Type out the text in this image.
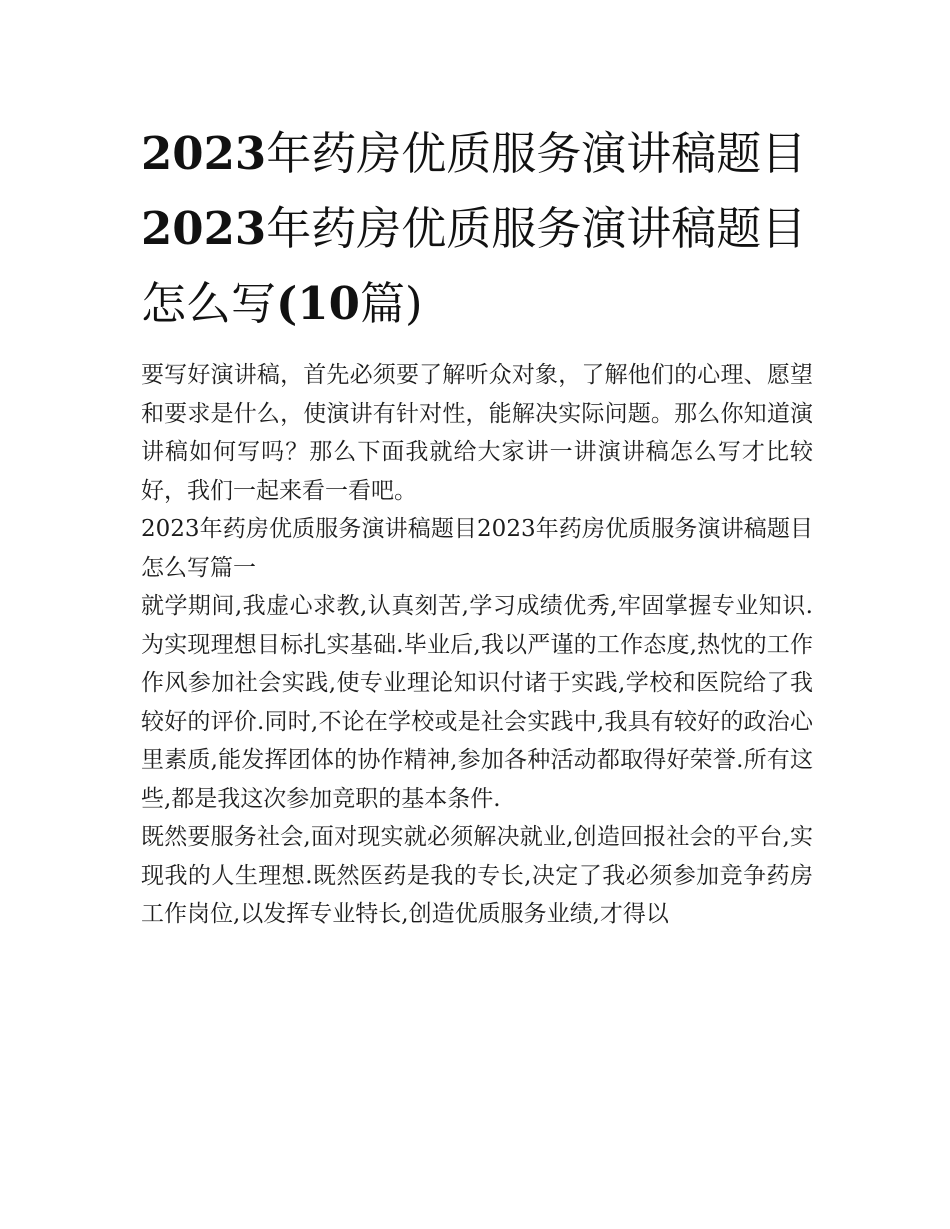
2023年药房优质服务演讲稿题目2023年药房优质服务演讲稿题目怎么写(10篇)

要写好演讲稿，首先必须要了解听众对象，了解他们的心理、愿望和要求是什么，使演讲有针对性，能解决实际问题。那么你知道演讲稿如何写吗？那么下面我就给大家讲一讲演讲稿怎么写才比较好，我们一起来看一看吧。

2023年药房优质服务演讲稿题目2023年药房优质服务演讲稿题目怎么写篇一

就学期间,我虚心求教,认真刻苦,学习成绩优秀,牢固掌握专业知识.为实现理想目标扎实基础.毕业后,我以严谨的工作态度,热忱的工作作风参加社会实践,使专业理论知识付诸于实践,学校和医院给了我较好的评价.同时,不论在学校或是社会实践中,我具有较好的政治心里素质,能发挥团体的协作精神,参加各种活动都取得好荣誉.所有这些,都是我这次参加竞职的基本条件.

既然要服务社会,面对现实就必须解决就业,创造回报社会的平台,实现我的人生理想.既然医药是我的专长,决定了我必须参加竞争药房工作岗位,以发挥专业特长,创造优质服务业绩,才得以
